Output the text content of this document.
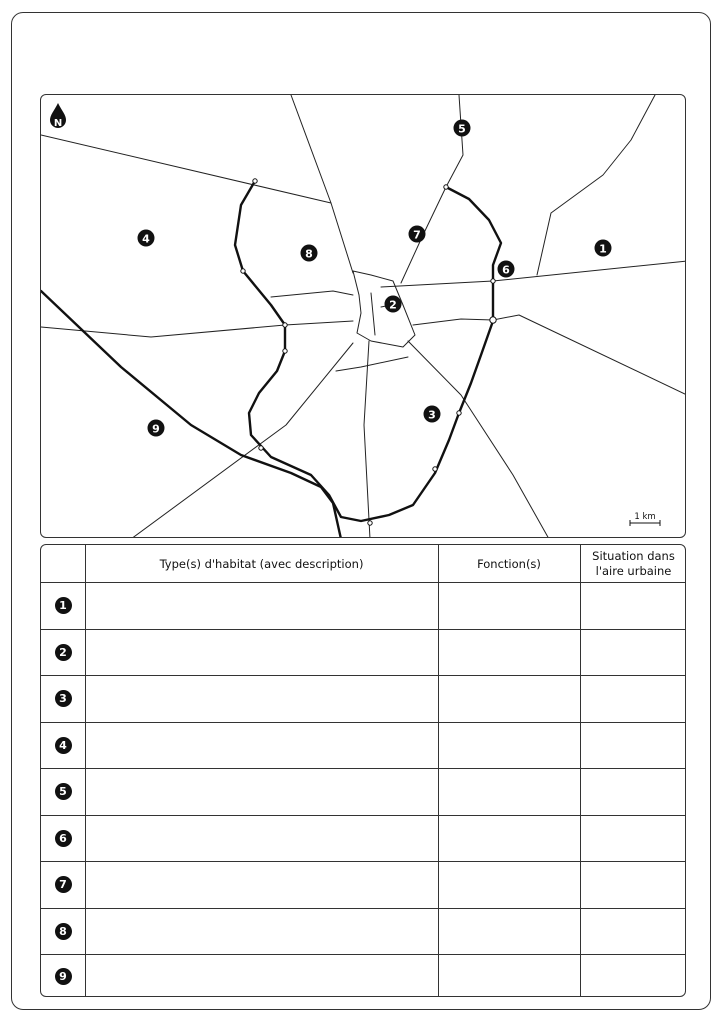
N
1
2
3
4
5
6
7
8
9
1 km
Type(s) d'habitat (avec description)	Fonction(s)
Situation dans l'aire urbaine
1
2
3
4
5
6
7
8
9
